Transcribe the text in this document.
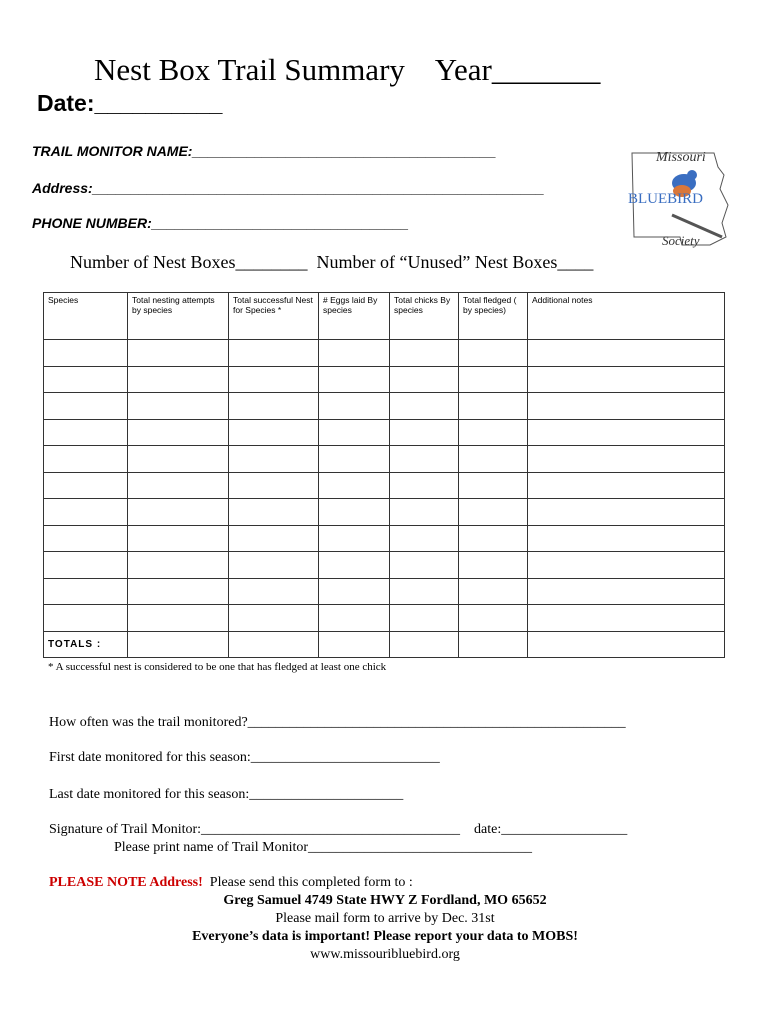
Nest Box Trail Summary    Year_______
Date:__________
TRAIL MONITOR NAME:_______________________________________
Address:__________________________________________________________
PHONE NUMBER:_________________________________
Missouri
BLUEBIRD
Society
Number of Nest Boxes________  Number of “Unused” Nest Boxes____
Species	Total nesting attempts by species	Total successful Nest for Species *	# Eggs laid By species	Total chicks By species	Total fledged ( by species)	Additional notes

TOTALS :						
* A successful nest is considered to be one that has fledged at least one chick
How often was the trail monitored?______________________________________________________
First date monitored for this season:___________________________
Last date monitored for this season:______________________
Signature of Trail Monitor:_____________________________________    date:__________________
Please print name of Trail Monitor________________________________
PLEASE NOTE Address!  Please send this completed form to :
Greg Samuel 4749 State HWY Z Fordland, MO 65652
Please mail form to arrive by Dec. 31st
Everyone’s data is important! Please report your data to MOBS!
www.missouribluebird.org
